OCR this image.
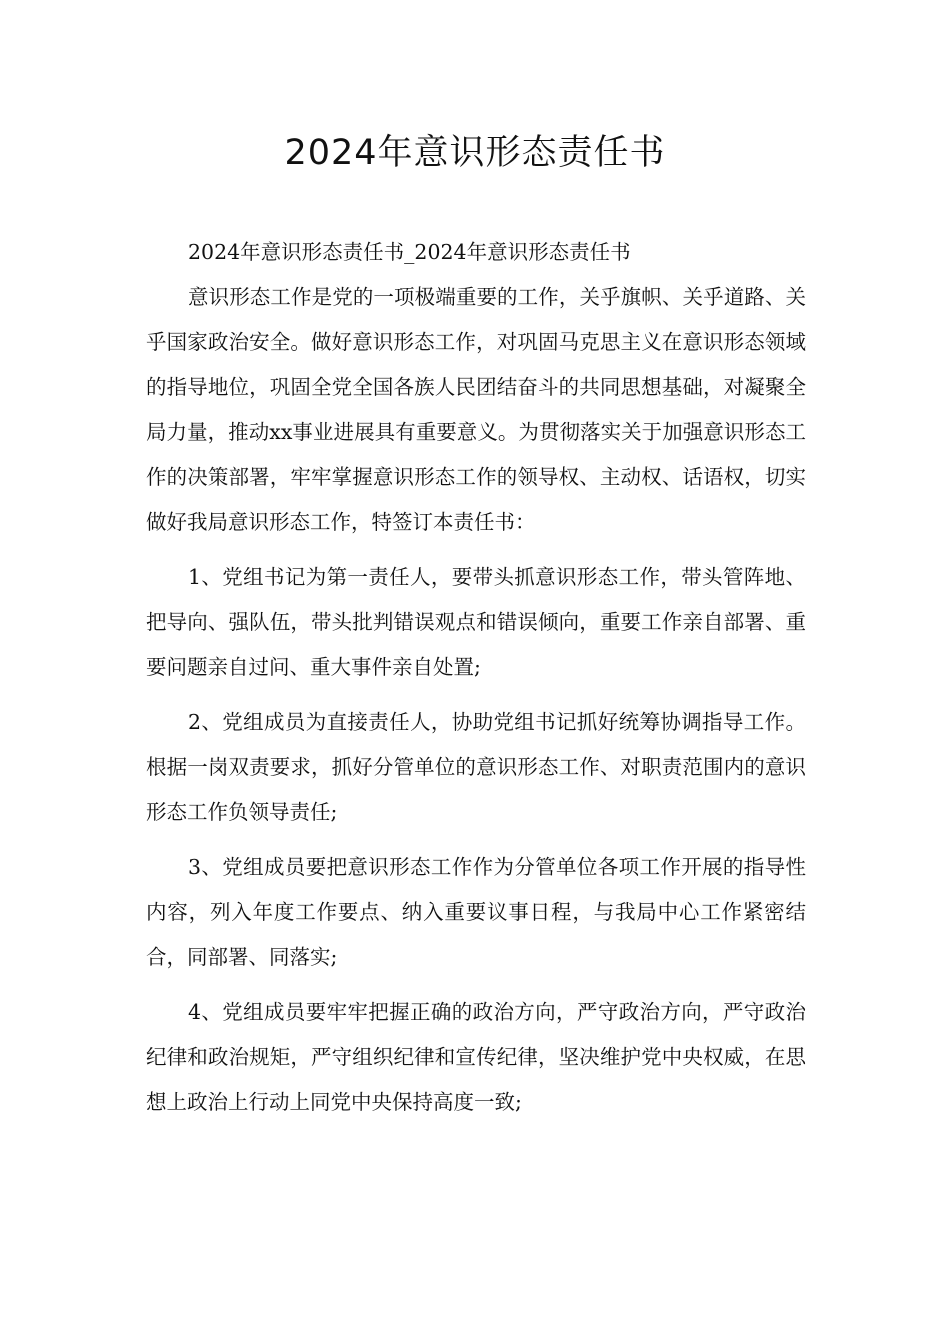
2024年意识形态责任书

2024年意识形态责任书_2024年意识形态责任书

意识形态工作是党的一项极端重要的工作，关乎旗帜、关乎道路、关乎国家政治安全。做好意识形态工作，对巩固马克思主义在意识形态领域的指导地位，巩固全党全国各族人民团结奋斗的共同思想基础，对凝聚全局力量，推动xx事业进展具有重要意义。为贯彻落实关于加强意识形态工作的决策部署，牢牢掌握意识形态工作的领导权、主动权、话语权，切实做好我局意识形态工作，特签订本责任书：

1、党组书记为第一责任人，要带头抓意识形态工作，带头管阵地、把导向、强队伍，带头批判错误观点和错误倾向，重要工作亲自部署、重要问题亲自过问、重大事件亲自处置;

2、党组成员为直接责任人，协助党组书记抓好统筹协调指导工作。根据一岗双责要求，抓好分管单位的意识形态工作、对职责范围内的意识形态工作负领导责任;

3、党组成员要把意识形态工作作为分管单位各项工作开展的指导性内容，列入年度工作要点、纳入重要议事日程，与我局中心工作紧密结合，同部署、同落实;

4、党组成员要牢牢把握正确的政治方向，严守政治方向，严守政治纪律和政治规矩，严守组织纪律和宣传纪律，坚决维护党中央权威，在思想上政治上行动上同党中央保持高度一致;
